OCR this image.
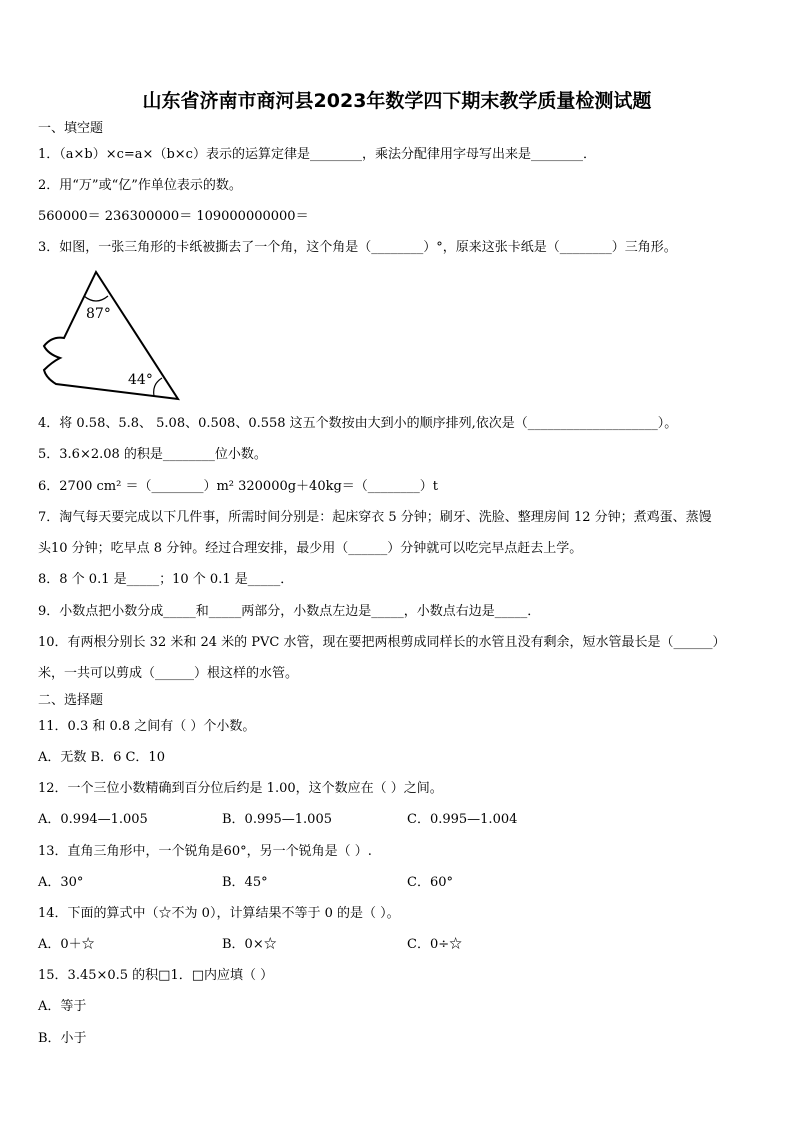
山东省济南市商河县2023年数学四下期末教学质量检测试题
一、填空题
1．（a×b）×c=a×（b×c）表示的运算定律是________，乘法分配律用字母写出来是________．
2．用“万”或“亿”作单位表示的数。
560000＝ 236300000＝ 109000000000＝
3．如图，一张三角形的卡纸被撕去了一个角，这个角是（________）°，原来这张卡纸是（________）三角形。
87°
44°
4．将 0.58、5.8、 5.08、0.508、0.558 这五个数按由大到小的顺序排列,依次是（____________________）。
5．3.6×2.08 的积是________位小数。
6．2700 cm² ＝（________）m² 320000g＋40kg＝（________）t
7．淘气每天要完成以下几件事，所需时间分别是：起床穿衣 5 分钟；刷牙、洗脸、整理房间 12 分钟；煮鸡蛋、蒸馒
头10 分钟；吃早点 8 分钟。经过合理安排，最少用（______）分钟就可以吃完早点赶去上学。
8．8 个 0.1 是_____；10 个 0.1 是_____．
9．小数点把小数分成_____和_____两部分，小数点左边是_____，小数点右边是_____．
10．有两根分别长 32 米和 24 米的 PVC 水管，现在要把两根剪成同样长的水管且没有剩余，短水管最长是（______）
米，一共可以剪成（______）根这样的水管。
二、选择题
11．0.3 和 0.8 之间有（ ）个小数。
A．无数 B．6 C．10
12．一个三位小数精确到百分位后约是 1.00，这个数应在（ ）之间。
A．0.994—1.005	B．0.995—1.005	C．0.995—1.004
13．直角三角形中，一个锐角是60°，另一个锐角是（ ）.
A．30°	B．45°	C．60°
14．下面的算式中（☆不为 0），计算结果不等于 0 的是（ ）。
A．0＋☆	B．0×☆	C．0÷☆
15．3.45×0.5 的积□1．□内应填（ ）
A．等于
B．小于
